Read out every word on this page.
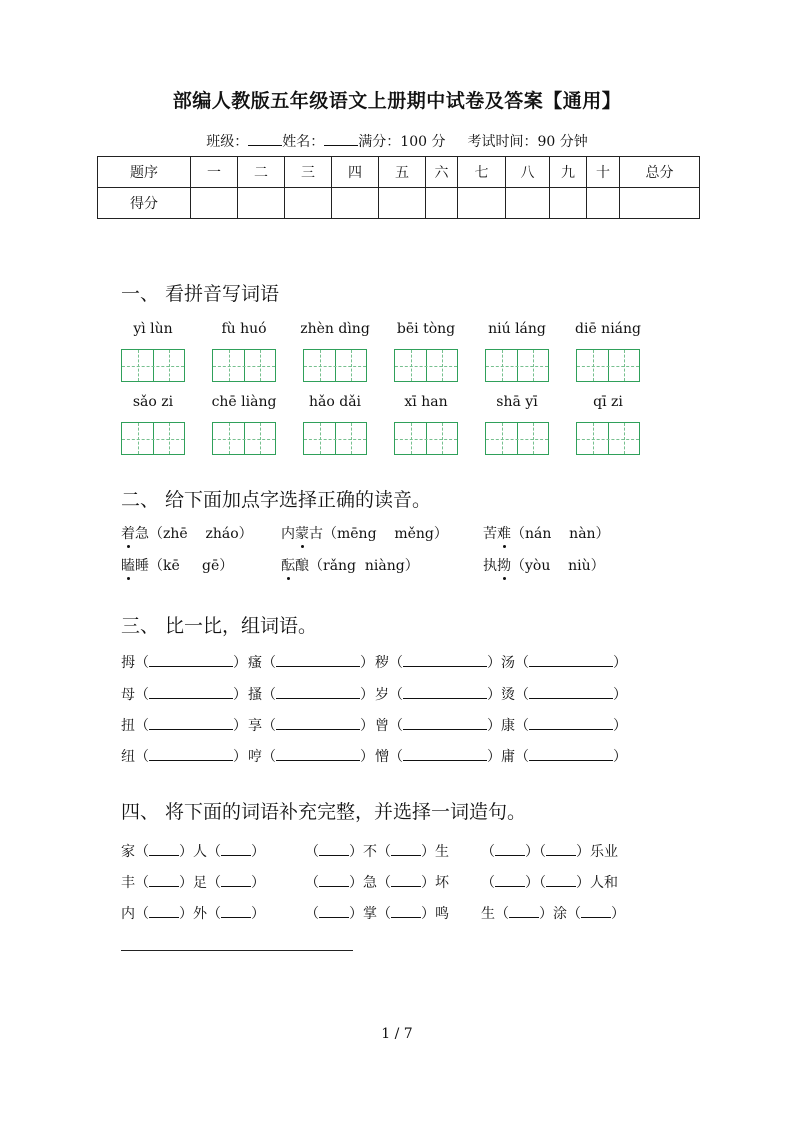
部编人教版五年级语文上册期中试卷及答案【通用】
班级： 姓名： 满分：100 分 考试时间：90 分钟
题序	一	二	三	四	五	六	七	八	九	十	总分
得分											
一、 看拼音写词语
yì lùn	fù huó	zhèn dìng	bēi tòng	niú láng	diē niáng
sǎo zi	chē liàng	hǎo dǎi	xī han	shā yī	qī zi
二、 给下面加点字选择正确的读音。
着急（zhē    zháo） 内蒙古（mēng    měng）	苦难（nán    nàn）
瞌睡（kē     gē）	酝酿（rǎng  niàng）	执拗（yòu    niù）
三、 比一比，组词语。
拇（	） 瘙（	） 秽（	） 汤（	）
母（	） 搔（	） 岁（	） 烫（	）
扭（	） 享（	） 曾（	） 康（	）
纽（	） 哼（	） 憎（	） 庸（	）
四、 将下面的词语补充完整，并选择一词造句。
家（ ）人（ ）	（ ）不（ ）生 （ ）（ ）乐业
丰（ ）足（ ）	（ ）急（ ）坏 （ ）（ ）人和
内（ ）外（ ）	（ ）掌（ ）鸣 生（ ）涂（ ）
1 / 7
